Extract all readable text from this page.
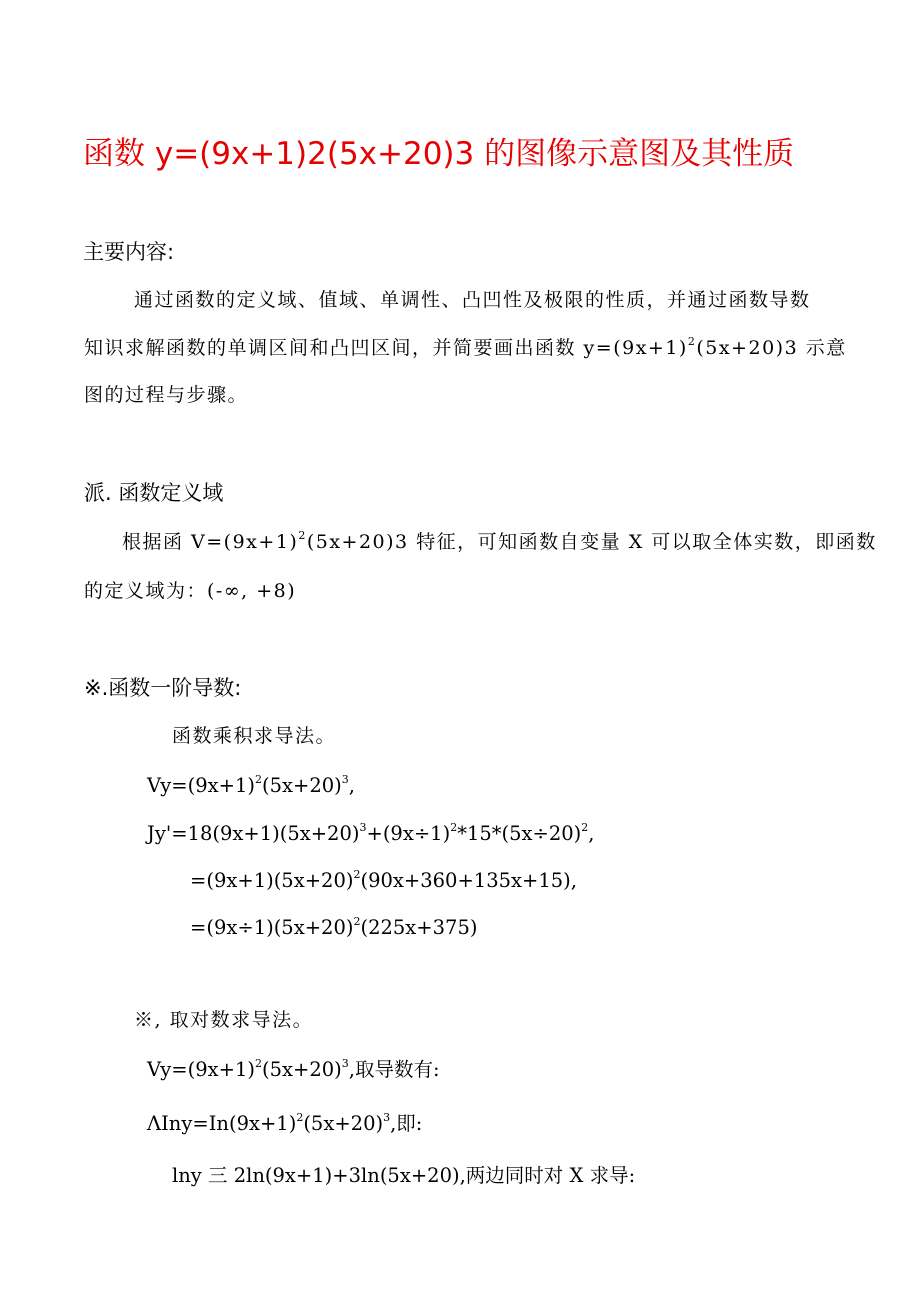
函数 y=(9x+1)2(5x+20)3 的图像示意图及其性质
主要内容:
通过函数的定义域、值域、单调性、凸凹性及极限的性质，并通过函数导数
知识求解函数的单调区间和凸凹区间，并简要画出函数 $y=(9x+1)^2(5x+20)3$ 示意
图的过程与步骤。
派. 函数定义域
根据函 $V=(9x+1)^2(5x+20)3$ 特征，可知函数自变量 X 可以取全体实数，即函数
的定义域为：(-∞, +8)
※.函数一阶导数:
函数乘积求导法。
$Vy=(9x+1)^2(5x+20)^3$,
$Jy'=18(9x+1)(5x+20)^3+(9x\div 1)^2*15*(5x\div 20)^2$,
$=(9x+1)(5x+20)^2(90x+360+135x+15)$,
$=(9x\div 1)(5x+20)^2(225x+375)$
※, 取对数求导法。
$Vy=(9x+1)^2(5x+20)^3$,取导数有:
$\Lambda Iny=In(9x+1)^2(5x+20)^3$,即:
lny 三 2ln(9x+1)+3ln(5x+20),两边同时对 X 求导:
